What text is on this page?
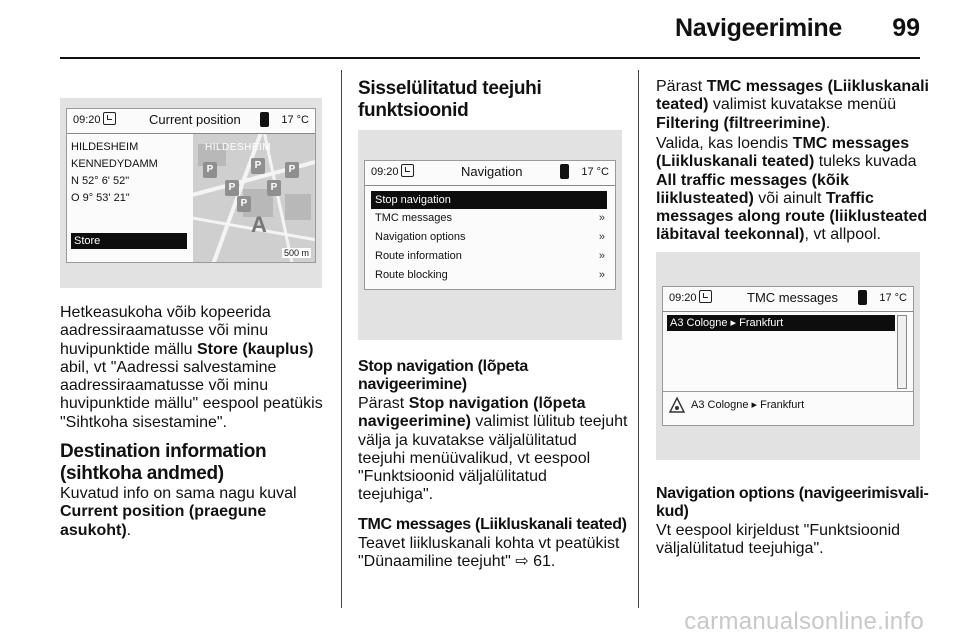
Navigeerimine 99
09:20	Current position	17 °C
HILDESHEIM
KENNEDYDAMM
N 52° 6' 52"
O 9° 53' 21"
Store
HILDESHEIM
P	P
P	P
P
P
A
500 m
Hetkeasukoha võib kopeerida
aadressiraamatusse või minu
huvipunktide mällu Store (kauplus)
abil, vt "Aadressi salvestamine
aadressiraamatusse või minu
huvipunktide mällu" eespool peatükis
"Sihtkoha sisestamine".
Destination information
(sihtkoha andmed)
Kuvatud info on sama nagu kuval
Current position (praegune asukoht).
Sisselülitatud teejuhi
funktsioonid
09:20	Navigation	17 °C
Stop navigation
TMC messages	»
Navigation options	»
Route information	»
Route blocking	»
Stop navigation (lõpeta
navigeerimine)
Pärast Stop navigation (lõpeta
navigeerimine) valimist lülitub teejuht
välja ja kuvatakse väljalülitatud
teejuhi menüüvalikud, vt eespool
"Funktsioonid väljalülitatud
teejuhiga".
TMC messages (Liikluskanali teated)
Teavet liikluskanali kohta vt peatükist
"Dünaamiline teejuht" ⇨ 61.
Pärast TMC messages (Liikluskanali
teated) valimist kuvatakse menüü
Filtering (filtreerimine).
Valida, kas loendis TMC messages
(Liikluskanali teated) tuleks kuvada
All traffic messages (kõik
liiklusteated) või ainult Traffic
messages along route (liiklusteated
läbitaval teekonnal), vt allpool.
09:20	TMC messages	17 °C
A3 Cologne ▸ Frankfurt
A3 Cologne ▸ Frankfurt
Navigation options (navigeerimisvali-
kud)
Vt eespool kirjeldust "Funktsioonid
väljalülitatud teejuhiga".
carmanualsonline.info
